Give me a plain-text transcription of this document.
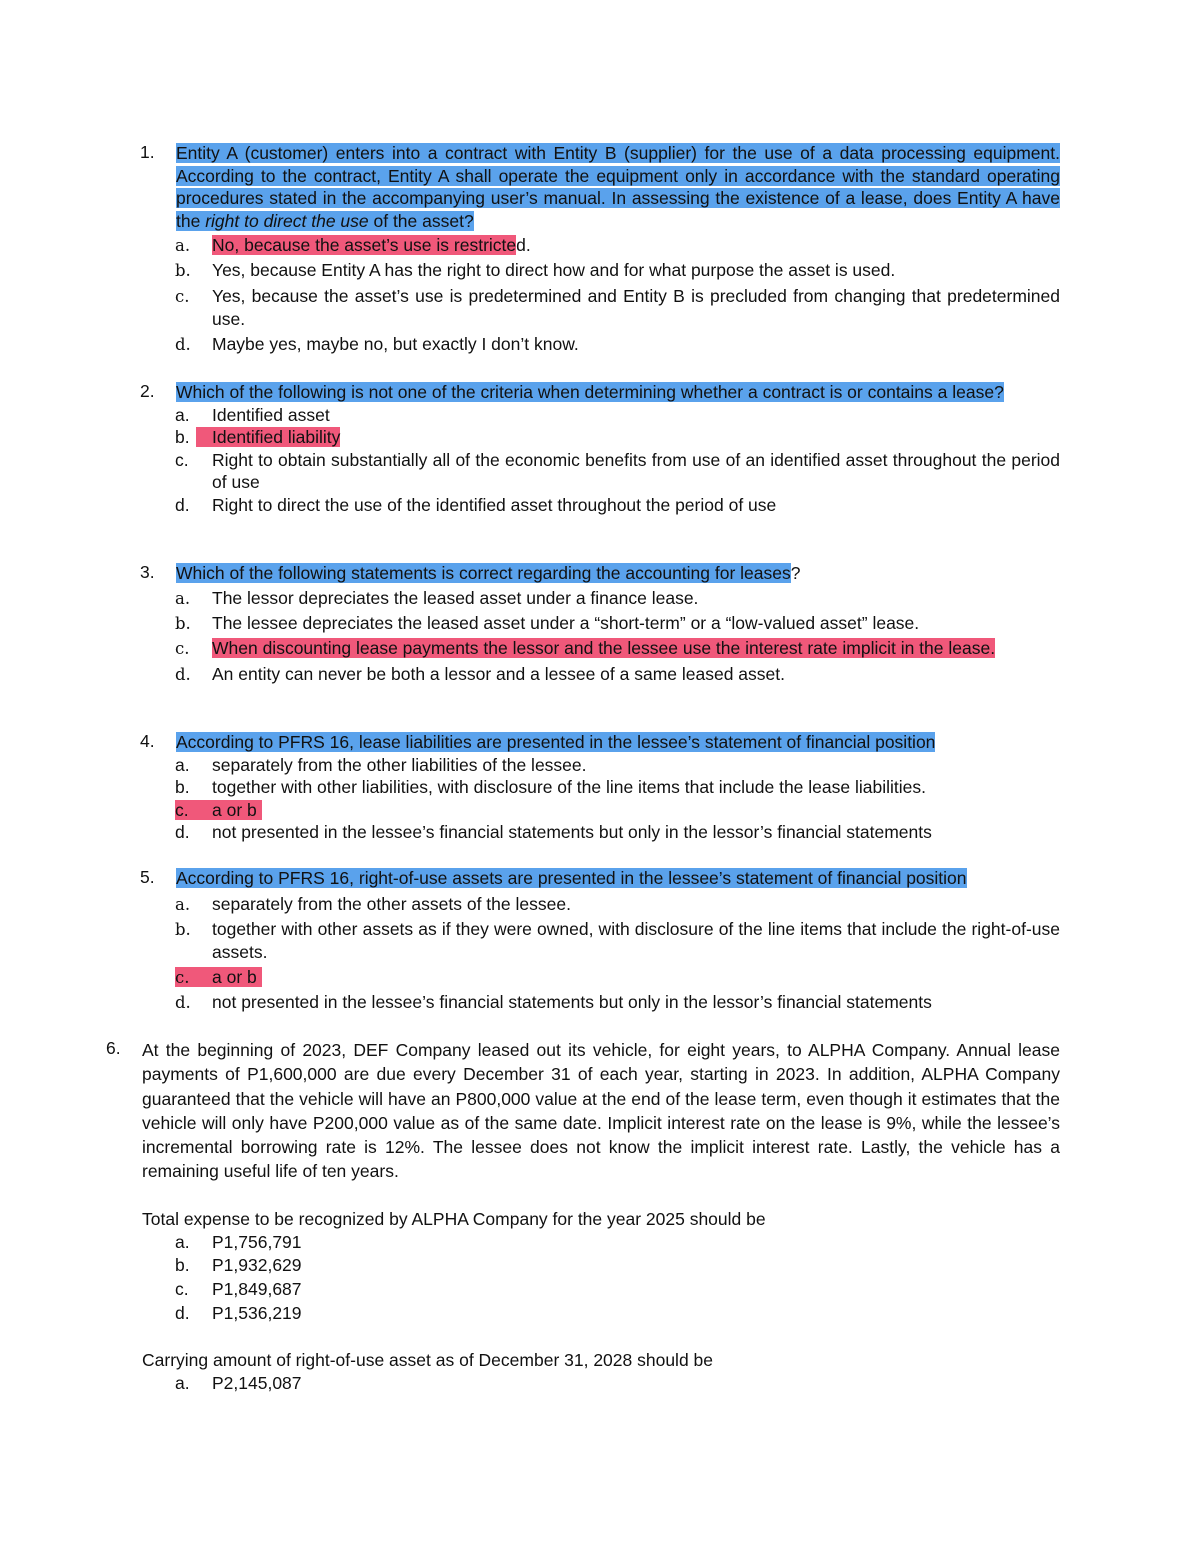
1. Entity A (customer) enters into a contract with Entity B (supplier) for the use of a data processing equipment. According to the contract, Entity A shall operate the equipment only in accordance with the standard operating procedures stated in the accompanying user’s manual. In assessing the existence of a lease, does Entity A have the right to direct the use of the asset?
a. No, because the asset’s use is restricted.
b. Yes, because Entity A has the right to direct how and for what purpose the asset is used.
c. Yes, because the asset’s use is predetermined and Entity B is precluded from changing that predetermined use.
d. Maybe yes, maybe no, but exactly I don’t know.
2. Which of the following is not one of the criteria when determining whether a contract is or contains a lease?
a. Identified asset
b. Identified liability
c. Right to obtain substantially all of the economic benefits from use of an identified asset throughout the period of use
d. Right to direct the use of the identified asset throughout the period of use
3. Which of the following statements is correct regarding the accounting for leases?
a. The lessor depreciates the leased asset under a finance lease.
b. The lessee depreciates the leased asset under a “short-term” or a “low-valued asset” lease.
c. When discounting lease payments the lessor and the lessee use the interest rate implicit in the lease.
d. An entity can never be both a lessor and a lessee of a same leased asset.
4. According to PFRS 16, lease liabilities are presented in the lessee’s statement of financial position
a. separately from the other liabilities of the lessee.
b. together with other liabilities, with disclosure of the line items that include the lease liabilities.
c. a or b
d. not presented in the lessee’s financial statements but only in the lessor’s financial statements
5. According to PFRS 16, right-of-use assets are presented in the lessee’s statement of financial position
a. separately from the other assets of the lessee.
b. together with other assets as if they were owned, with disclosure of the line items that include the right-of-use assets.
c. a or b
d. not presented in the lessee’s financial statements but only in the lessor’s financial statements
6. At the beginning of 2023, DEF Company leased out its vehicle, for eight years, to ALPHA Company. Annual lease payments of P1,600,000 are due every December 31 of each year, starting in 2023. In addition, ALPHA Company guaranteed that the vehicle will have an P800,000 value at the end of the lease term, even though it estimates that the vehicle will only have P200,000 value as of the same date. Implicit interest rate on the lease is 9%, while the lessee’s incremental borrowing rate is 12%. The lessee does not know the implicit interest rate. Lastly, the vehicle has a remaining useful life of ten years.

Total expense to be recognized by ALPHA Company for the year 2025 should be

a. P1,756,791
b. P1,932,629
c. P1,849,687
d. P1,536,219

Carrying amount of right-of-use asset as of December 31, 2028 should be

a. P2,145,087
